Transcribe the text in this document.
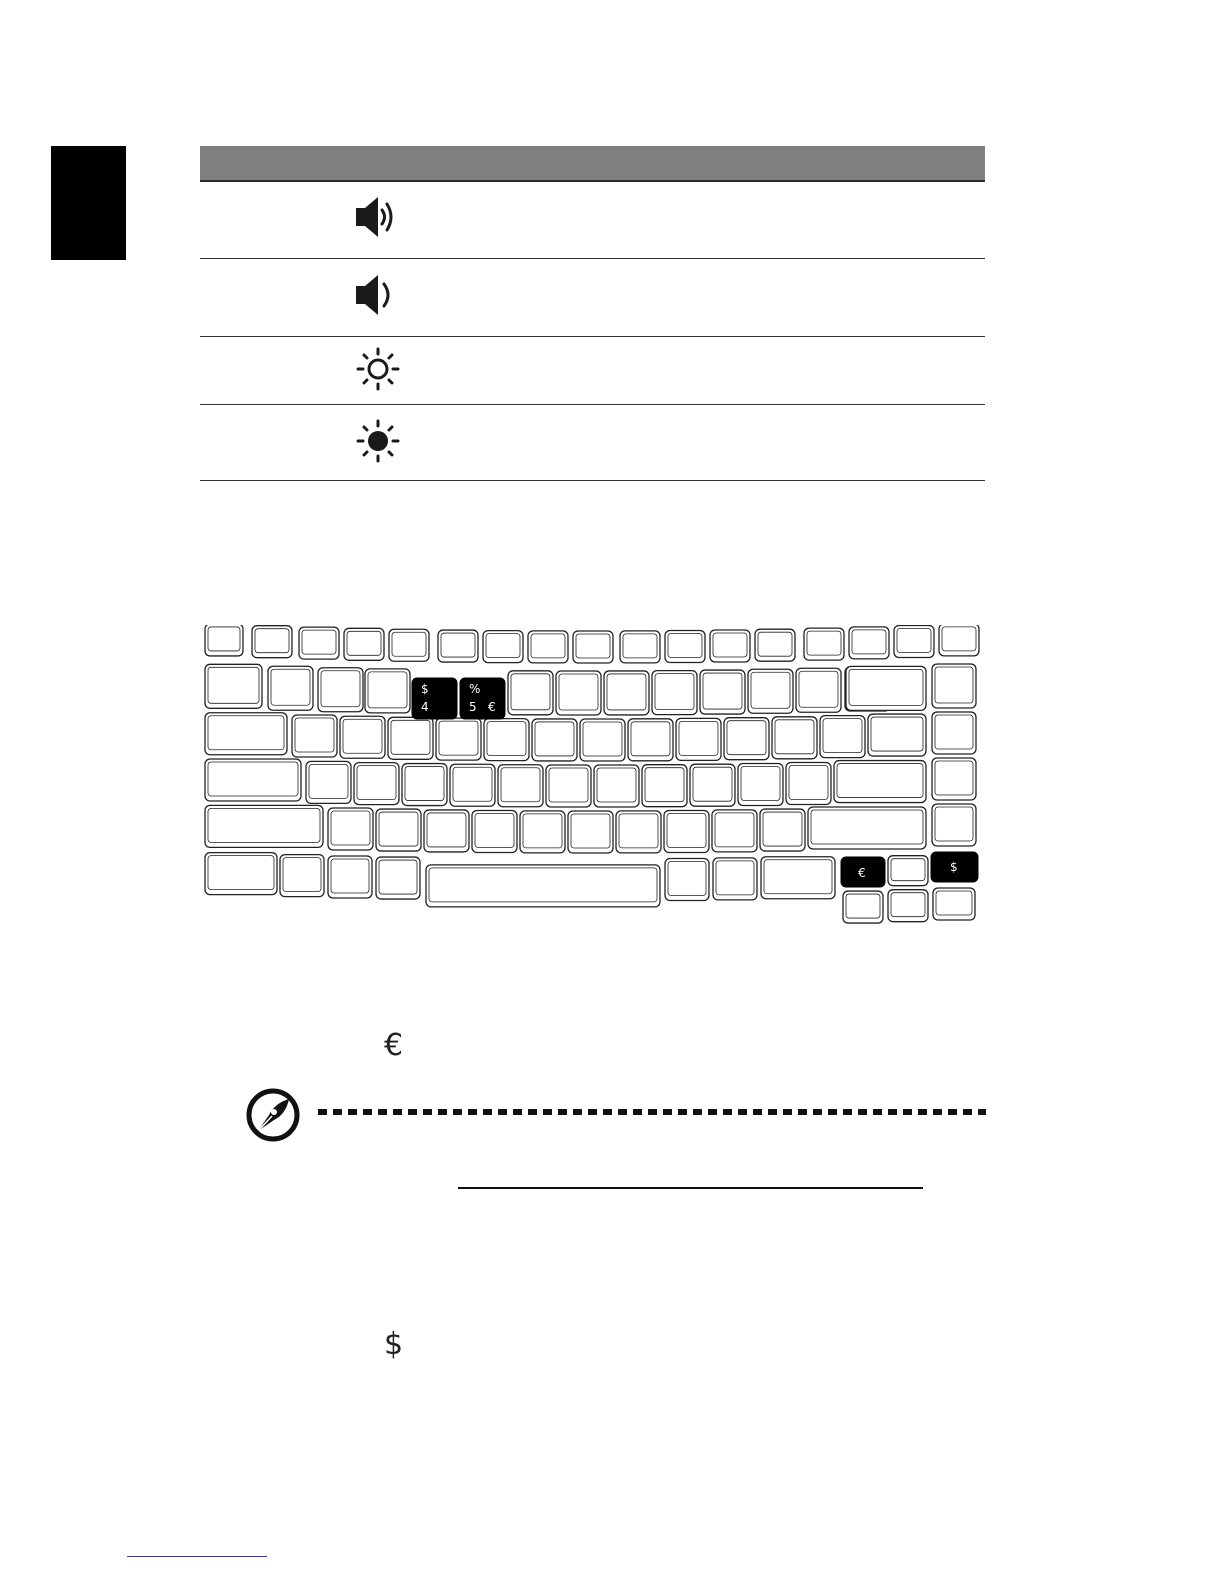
$
4
%
5 €
€	$
€
$
